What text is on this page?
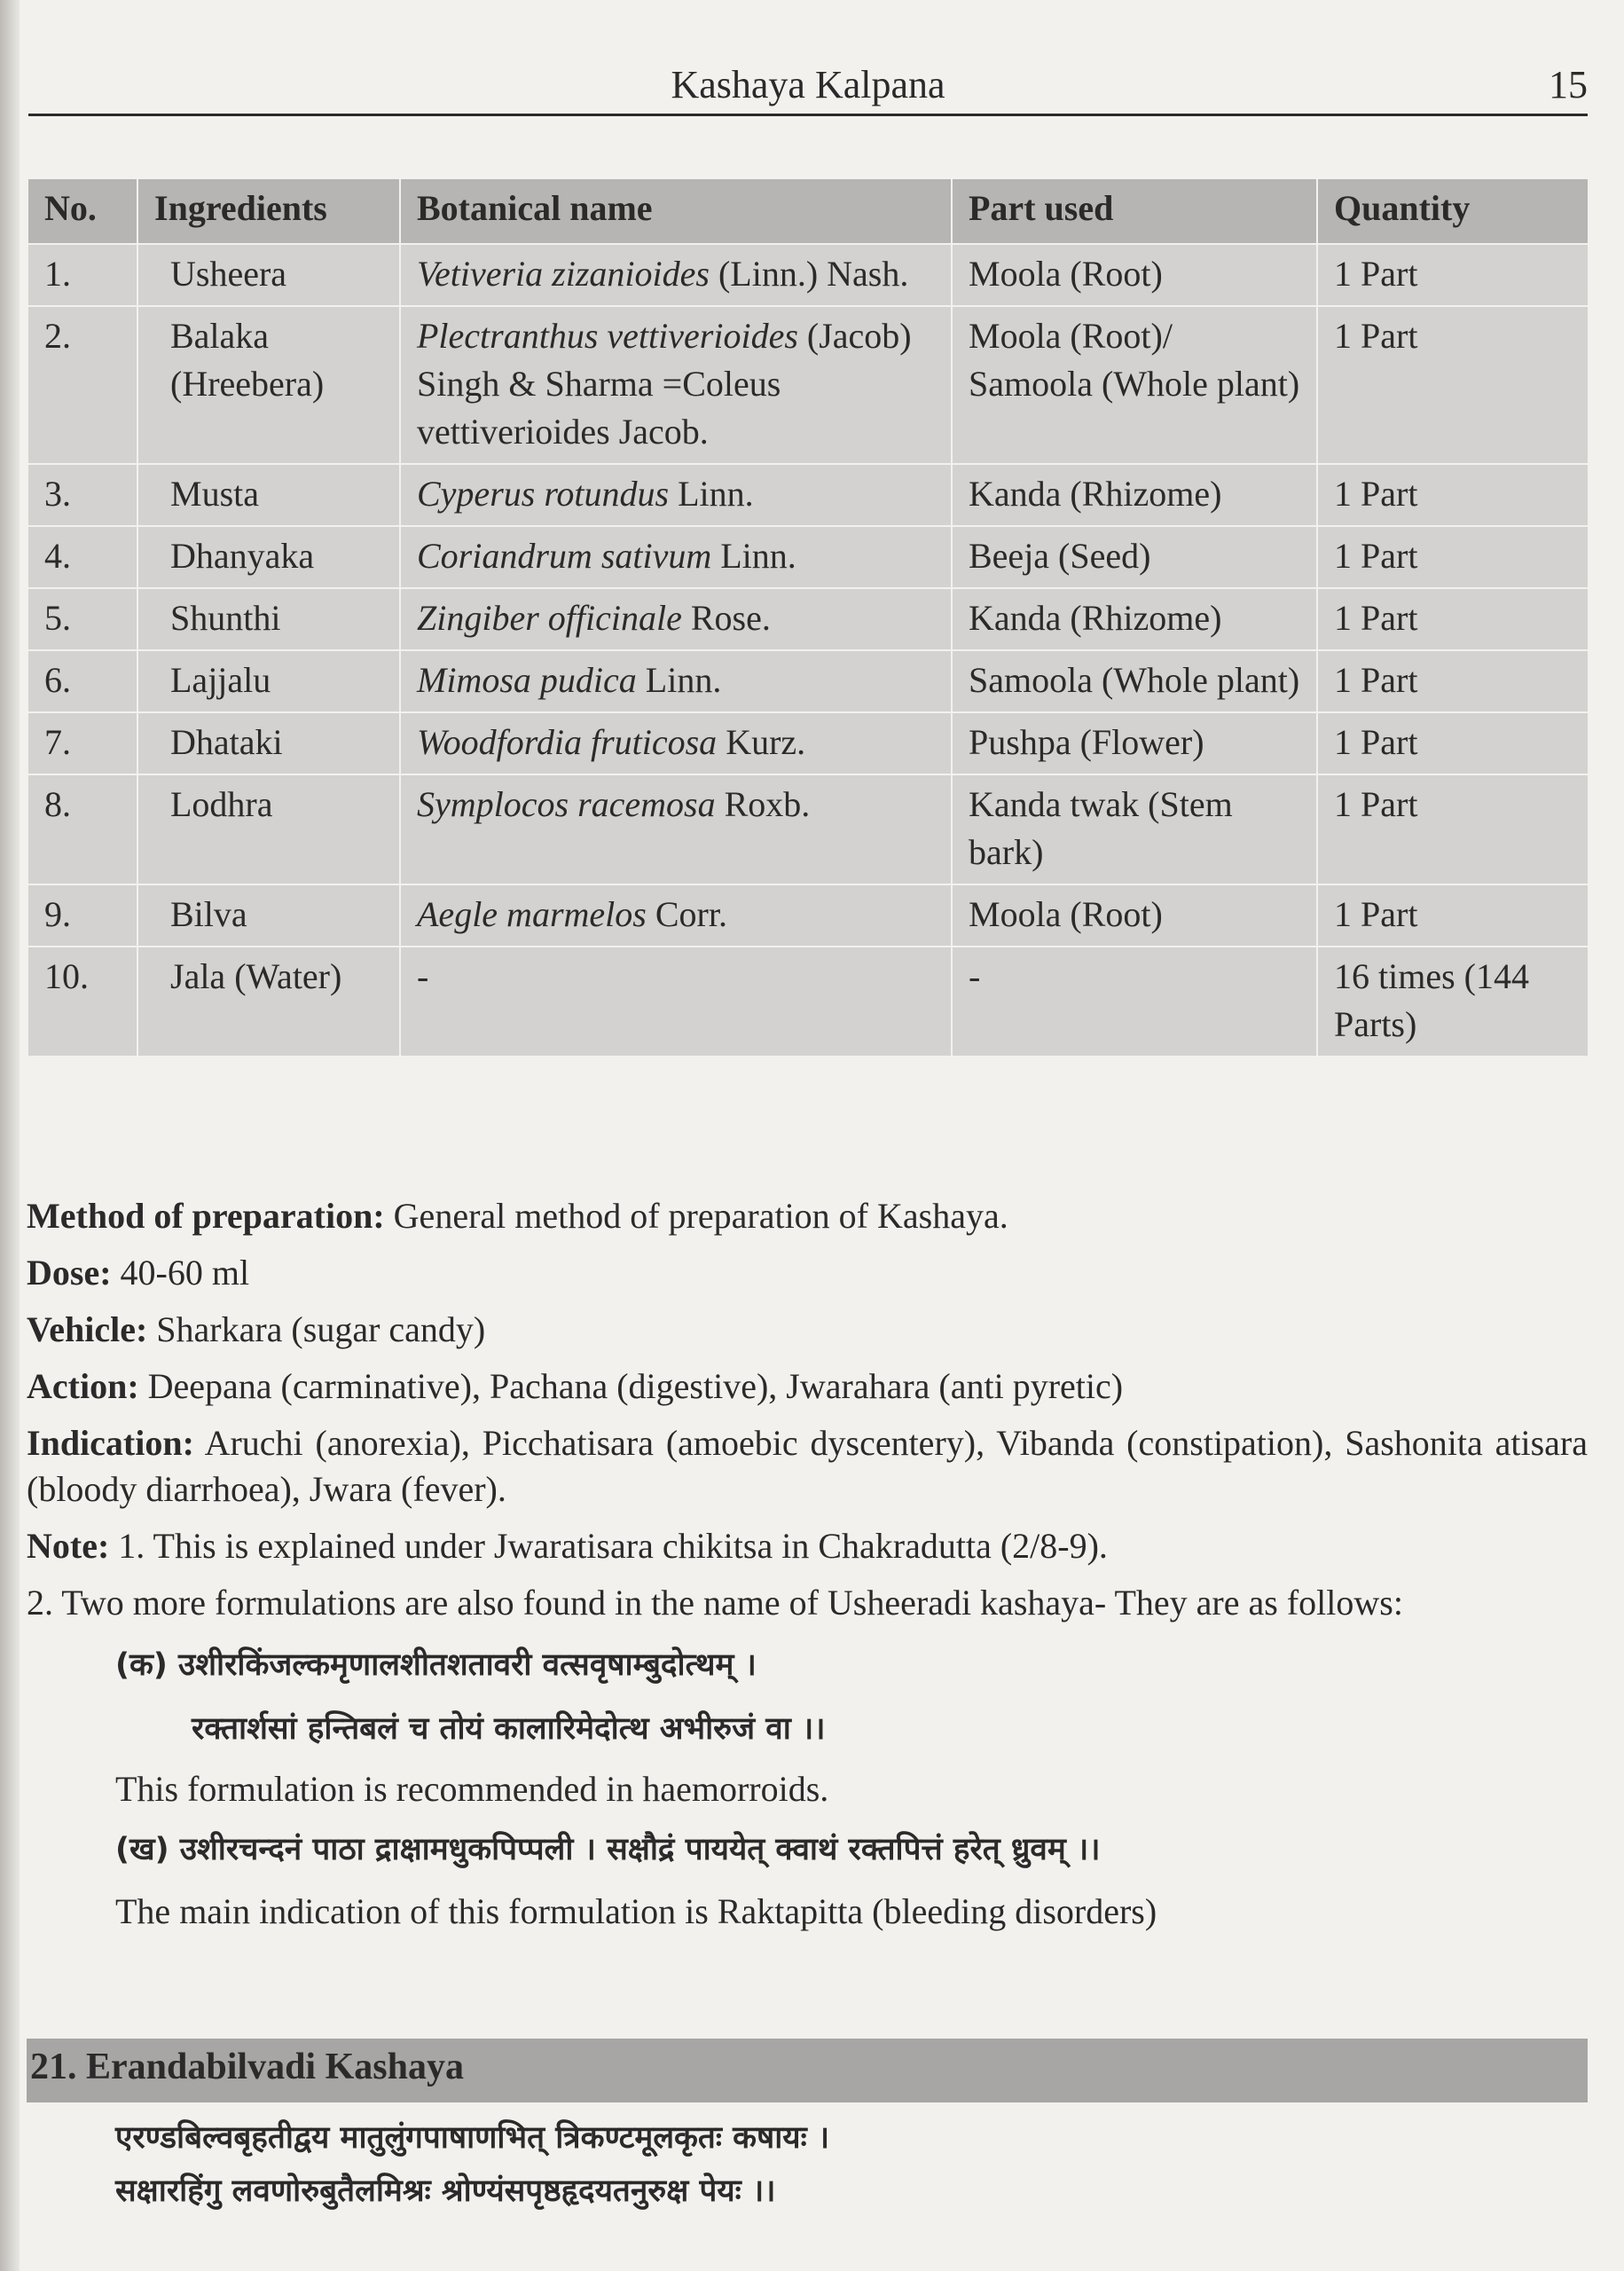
Kashaya Kalpana	15
No.	Ingredients	Botanical name	Part used	Quantity
1.	Usheera	Vetiveria zizanioides (Linn.) Nash.	Moola (Root)	1 Part
2.	Balaka (Hreebera)	Plectranthus vettiverioides (Jacob) Singh & Sharma =Coleus vettiverioides Jacob.	Moola (Root)/ Samoola (Whole plant)	1 Part
3.	Musta	Cyperus rotundus Linn.	Kanda (Rhizome)	1 Part
4.	Dhanyaka	Coriandrum sativum Linn.	Beeja (Seed)	1 Part
5.	Shunthi	Zingiber officinale Rose.	Kanda (Rhizome)	1 Part
6.	Lajjalu	Mimosa pudica Linn.	Samoola (Whole plant)	1 Part
7.	Dhataki	Woodfordia fruticosa Kurz.	Pushpa (Flower)	1 Part
8.	Lodhra	Symplocos racemosa Roxb.	Kanda twak (Stem bark)	1 Part
9.	Bilva	Aegle marmelos Corr.	Moola (Root)	1 Part
10.	Jala (Water)	-	-	16 times (144 Parts)

Method of preparation: General method of preparation of Kashaya.

Dose: 40-60 ml

Vehicle: Sharkara (sugar candy)

Action: Deepana (carminative), Pachana (digestive), Jwarahara (anti pyretic)

Indication: Aruchi (anorexia), Picchatisara (amoebic dyscentery), Vibanda (constipation), Sashonita atisara (bloody diarrhoea), Jwara (fever).

Note: 1. This is explained under Jwaratisara chikitsa in Chakradutta (2/8-9).

2. Two more formulations are also found in the name of Usheeradi kashaya- They are as follows:

(क) उशीरकिंजल्कमृणालशीतशतावरी वत्सवृषाम्बुदोत्थम् ।

रक्तार्शसां हन्तिबलं च तोयं कालारिमेदोत्थ अभीरुजं वा ।।

This formulation is recommended in haemorroids.

(ख) उशीरचन्दनं पाठा द्राक्षामधुकपिप्पली । सक्षौद्रं पाययेत् क्वाथं रक्तपित्तं हरेत् ध्रुवम् ।।

The main indication of this formulation is Raktapitta (bleeding disorders)

21. Erandabilvadi Kashaya

एरण्डबिल्वबृहतीद्वय मातुलुंगपाषाणभित् त्रिकण्टमूलकृतः कषायः ।

सक्षारहिंगु लवणोरुबुतैलमिश्रः श्रोण्यंसपृष्ठहृदयतनुरुक्ष पेयः ।।
